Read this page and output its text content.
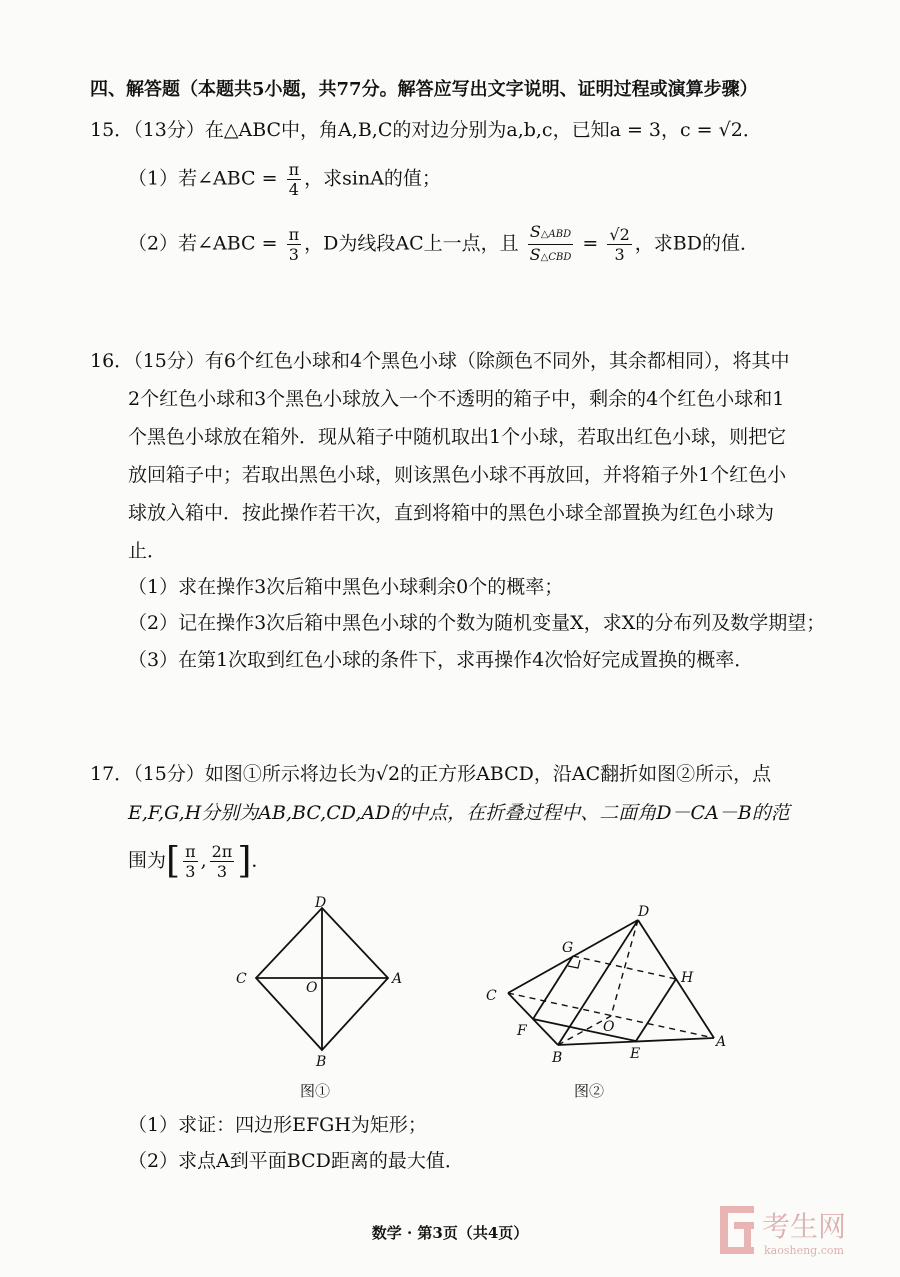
四、解答题（本题共5小题，共77分。解答应写出文字说明、证明过程或演算步骤）
15．（13分）在△ABC中，角A,B,C的对边分别为a,b,c，已知a = 3，c = √2．
（1）若∠ABC = $\frac{\pi}{4}$ ，求sinA的值；
（2）若∠ABC = $\frac{\pi}{3}$ ，D为线段AC上一点，且 $\frac{\text{S△ABD}}{\text{S△CBD}} = \frac{√2}{3}$ ，求BD的值．
16．（15分）有6个红色小球和4个黑色小球（除颜色不同外，其余都相同），将其中
2个红色小球和3个黑色小球放入一个不透明的箱子中，剩余的4个红色小球和1
个黑色小球放在箱外．现从箱子中随机取出1个小球，若取出红色小球，则把它
放回箱子中；若取出黑色小球，则该黑色小球不再放回，并将箱子外1个红色小
球放入箱中．按此操作若干次，直到将箱中的黑色小球全部置换为红色小球为
止．
（1）求在操作3次后箱中黑色小球剩余0个的概率；
（2）记在操作3次后箱中黑色小球的个数为随机变量X，求X的分布列及数学期望；
（3）在第1次取到红色小球的条件下，求再操作4次恰好完成置换的概率．
17．（15分）如图①所示将边长为√2的正方形ABCD，沿AC翻折如图②所示，点
E,F,G,H分别为AB,BC,CD,AD的中点，在折叠过程中、二面角D－CA－B的范
围为[ $\frac{\pi}{3}$ , $\frac{2\pi}{3}$ ]．
D
C	A
O
B
图①
D
G
H
C
O
F
B	E
A
图②
（1）求证：四边形EFGH为矩形；
（2）求点A到平面BCD距离的最大值．
数学 · 第3页（共4页）	考生网
kaosheng.com
